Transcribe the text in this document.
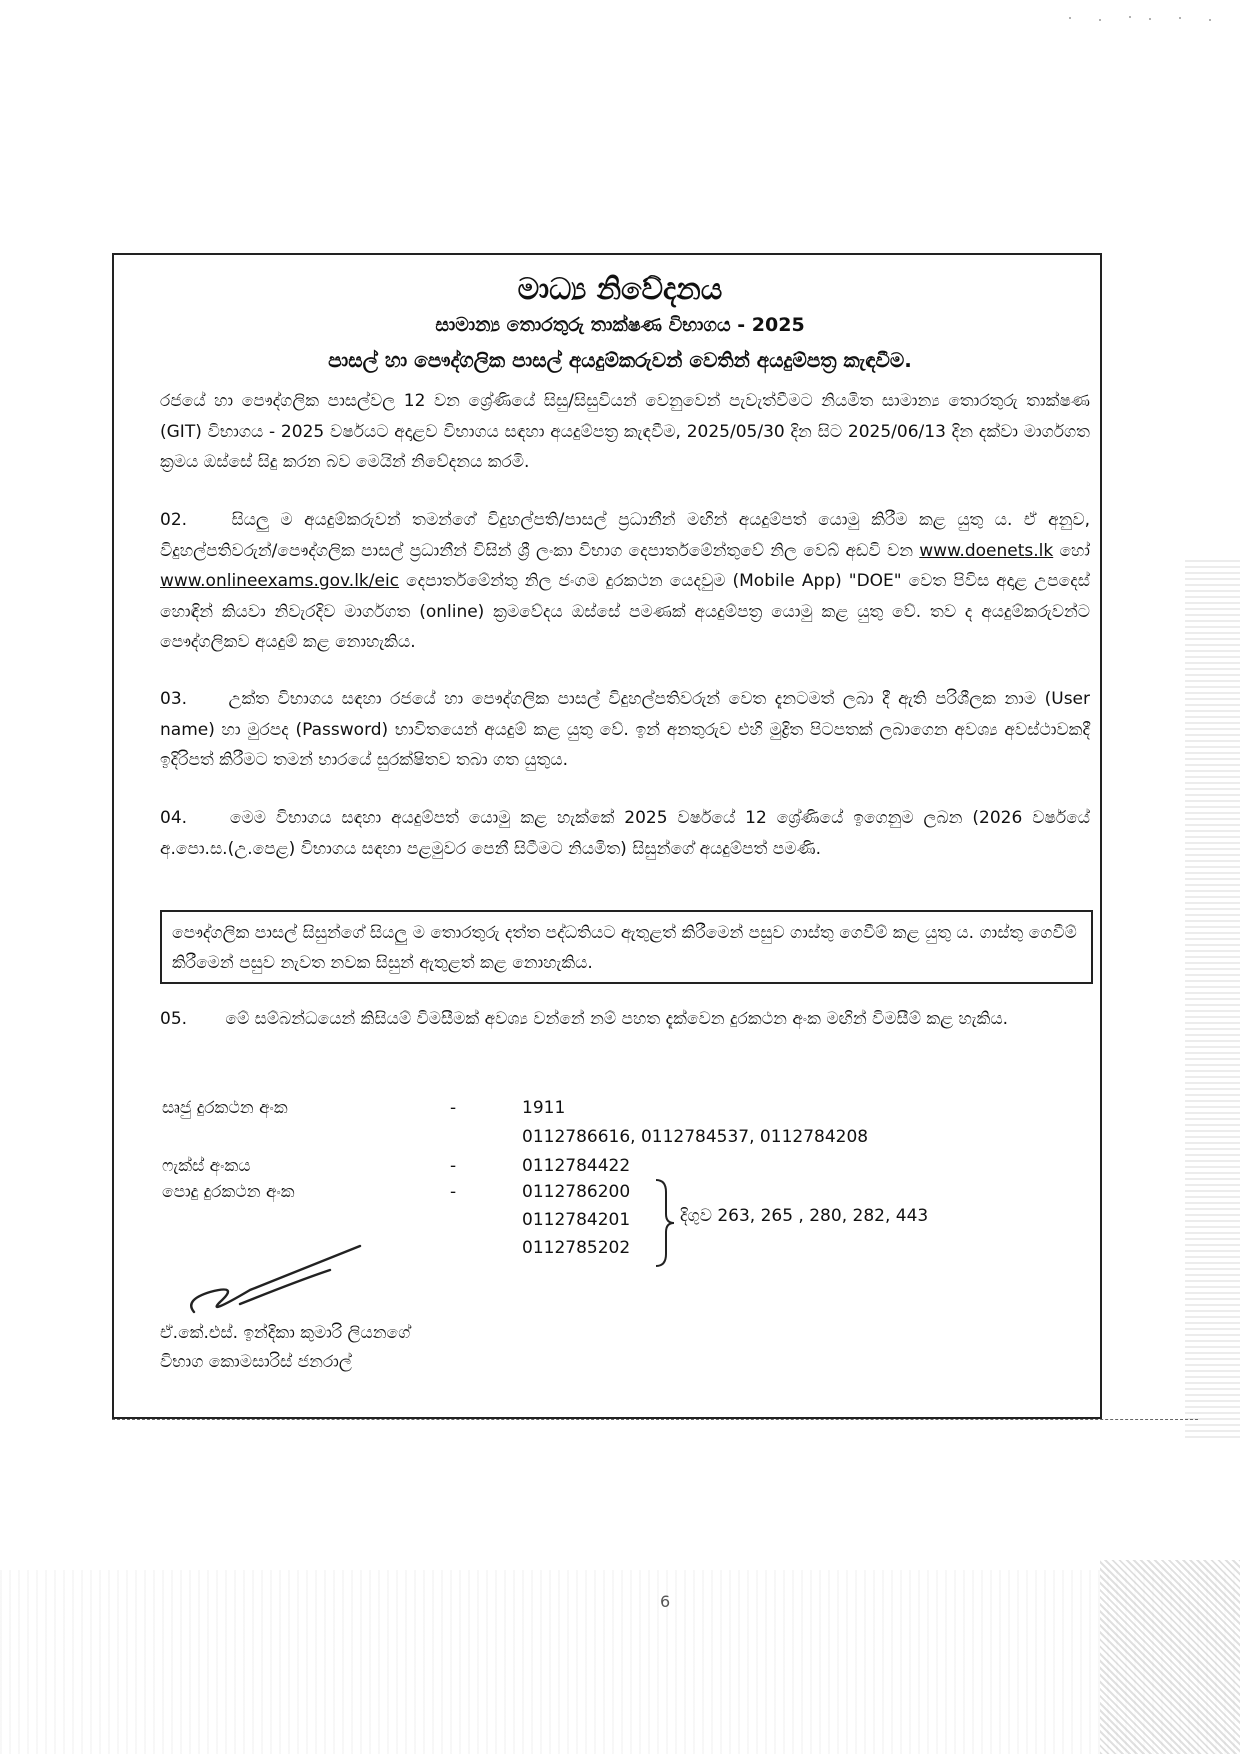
මාධ්‍ය නිවේදනය
සාමාන්‍ය තොරතුරු තාක්ෂණ විභාගය - 2025
පාසල් හා පෞද්ගලික පාසල් අයදුම්කරුවන් වෙතින් අයදුම්පත්‍ර කැඳවීම.

රජයේ හා පෞද්ගලික පාසල්වල 12 වන ශ්‍රේණියේ සිසු/සිසුවියන් වෙනුවෙන් පැවැත්වීමට නියමිත සාමාන්‍ය තොරතුරු තාක්ෂණ (GIT) විභාගය - 2025 වර්ෂයට අදාළව විභාගය සඳහා අයදුම්පත්‍ර කැඳවීම, 2025/05/30 දින සිට 2025/06/13 දින දක්වා මාර්ගගත ක්‍රමය ඔස්සේ සිදු කරන බව මෙයින් නිවේදනය කරමි.

02.	සියලු ම අයදුම්කරුවන් තමන්ගේ විදුහල්පති/පාසල් ප්‍රධානීන් මඟින් අයදුම්පත් යොමු කිරීම කළ යුතු ය. ඒ අනුව, විදුහල්පතිවරුන්/පෞද්ගලික පාසල් ප්‍රධානීන් විසින් ශ්‍රී ලංකා විභාග දෙපාර්තමේන්තුවේ නිල වෙබ් අඩවි වන www.doenets.lk හෝ www.onlineexams.gov.lk/eic දෙපාර්තමේන්තු නිල ජංගම දුරකථන යෙදවුම (Mobile App) "DOE" වෙත පිවිස අදාළ උපදෙස් හොඳින් කියවා නිවැරදිව මාර්ගගත (online) ක්‍රමවේදය ඔස්සේ පමණක් අයදුම්පත්‍ර යොමු කළ යුතු වේ. තව ද අයදුම්කරුවන්ට පෞද්ගලිකව අයදුම් කළ නොහැකිය.

03. උක්ත විභාගය සඳහා රජයේ හා පෞද්ගලික පාසල් විදුහල්පතිවරුන් වෙත දැනටමත් ලබා දී ඇති පරිශීලක නාම (User name) හා මුරපද (Password) භාවිතයෙන් අයදුම් කළ යුතු වේ. ඉන් අනතුරුව එහි මුද්‍රිත පිටපතක් ලබාගෙන අවශ්‍ය අවස්ථාවකදී ඉදිරිපත් කිරීමට තමන් භාරයේ සුරක්ෂිතව තබා ගත යුතුය.

04.	මෙම විභාගය සඳහා අයදුම්පත් යොමු කළ හැක්කේ 2025 වර්ෂයේ 12 ශ්‍රේණියේ ඉගෙනුම ලබන (2026 වර්ෂයේ අ.පො.ස.(උ.පෙළ) විභාගය සඳහා පළමුවර පෙනී සිටීමට නියමිත) සිසුන්ගේ අයදුම්පත් පමණි.

පෞද්ගලික පාසල් සිසුන්ගේ සියලු ම තොරතුරු දත්ත පද්ධතියට ඇතුළත් කිරීමෙන් පසුව ගාස්තු ගෙවීම් කළ යුතු ය. ගාස්තු ගෙවීම් කිරීමෙන් පසුව නැවත නවක සිසුන් ඇතුළත් කළ නොහැකිය.

05. මේ සම්බන්ධයෙන් කිසියම් විමසීමක් අවශ්‍ය වන්නේ නම් පහත දැක්වෙන දුරකථන අංක මඟින් විමසීම් කළ හැකිය.

සෘජු දුරකථන අංක	-	1911
0112786616, 0112784537, 0112784208
ෆැක්ස් අංකය	-	0112784422
පොදු දුරකථන අංක	-	0112786200
0112784201
0112785202
දිගුව 263, 265 , 280, 282, 443
ඒ.කේ.එස්. ඉන්දිකා කුමාරි ලියනගේ
විභාග කොමසාරිස් ජනරාල්
6
